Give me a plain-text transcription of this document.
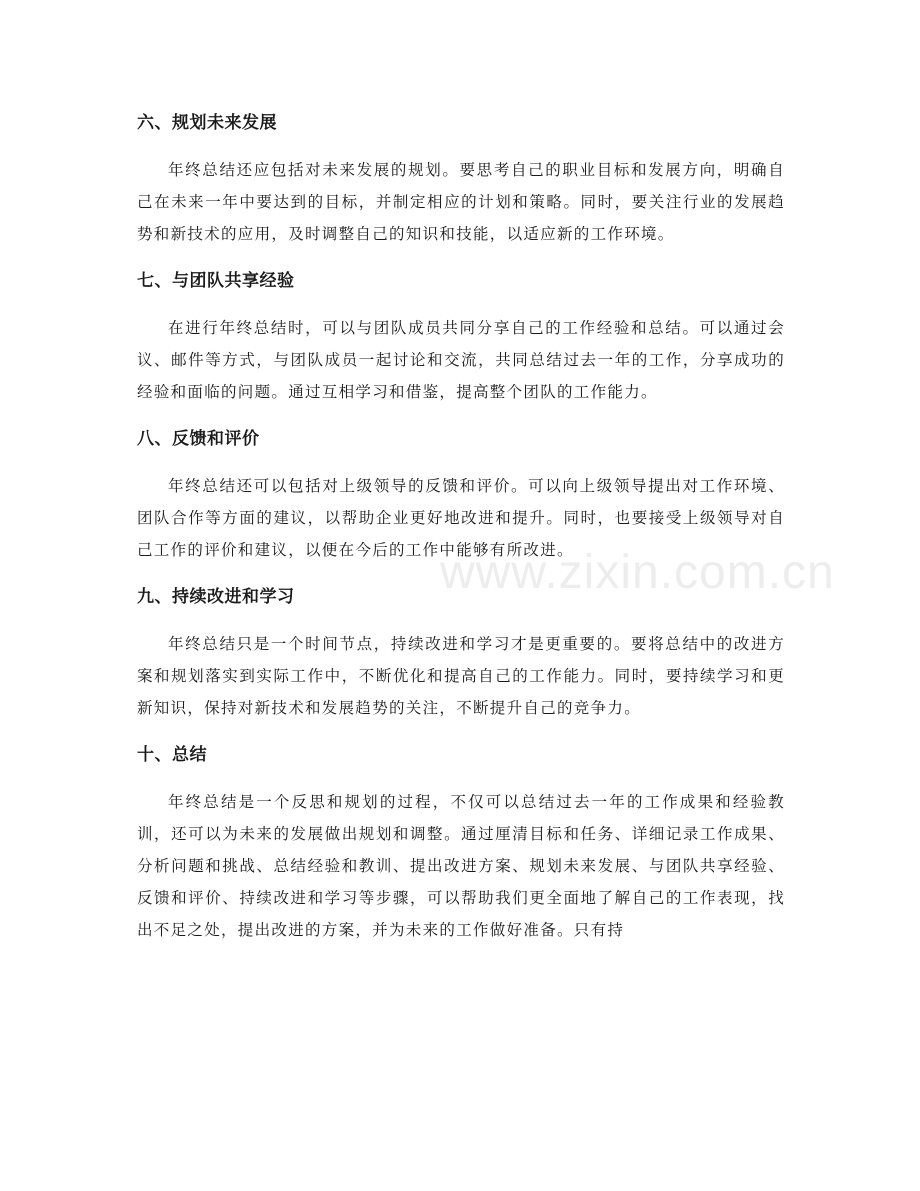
六、规划未来发展

年终总结还应包括对未来发展的规划。要思考自己的职业目标和发展方向，明确自己在未来一年中要达到的目标，并制定相应的计划和策略。同时，要关注行业的发展趋势和新技术的应用，及时调整自己的知识和技能，以适应新的工作环境。

七、与团队共享经验

在进行年终总结时，可以与团队成员共同分享自己的工作经验和总结。可以通过会议、邮件等方式，与团队成员一起讨论和交流，共同总结过去一年的工作，分享成功的经验和面临的问题。通过互相学习和借鉴，提高整个团队的工作能力。

八、反馈和评价

年终总结还可以包括对上级领导的反馈和评价。可以向上级领导提出对工作环境、团队合作等方面的建议，以帮助企业更好地改进和提升。同时，也要接受上级领导对自己工作的评价和建议，以便在今后的工作中能够有所改进。

九、持续改进和学习

年终总结只是一个时间节点，持续改进和学习才是更重要的。要将总结中的改进方案和规划落实到实际工作中，不断优化和提高自己的工作能力。同时，要持续学习和更新知识，保持对新技术和发展趋势的关注，不断提升自己的竞争力。

十、总结

年终总结是一个反思和规划的过程，不仅可以总结过去一年的工作成果和经验教训，还可以为未来的发展做出规划和调整。通过厘清目标和任务、详细记录工作成果、分析问题和挑战、总结经验和教训、提出改进方案、规划未来发展、与团队共享经验、反馈和评价、持续改进和学习等步骤，可以帮助我们更全面地了解自己的工作表现，找出不足之处，提出改进的方案，并为未来的工作做好准备。只有持

www.zixin.com.cn
